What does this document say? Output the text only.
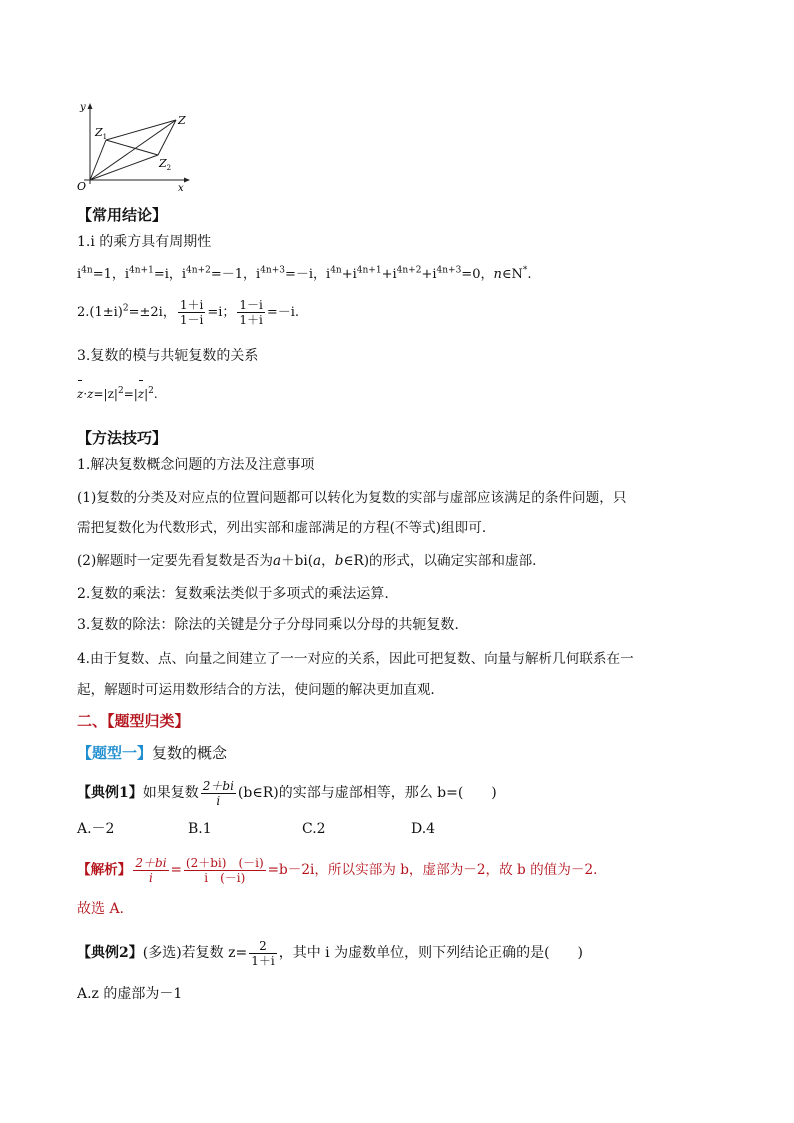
y
O	x
Z
$Z_1$
$Z_2$
【常用结论】
1.i 的乘方具有周期性
$i^{4n}=1$，$i^{4n+1}=i$，$i^{4n+2}=-1$，$i^{4n+3}=-i$，$i^{4n}+i^{4n+1}+i^{4n+2}+i^{4n+3}=0$，n∈N*.
$2.(1\pm i)^2=\pm 2i$， $\frac{1+i}{1-i} =i$； $\frac{1-i}{1+i} =-i$.
3.复数的模与共轭复数的关系
$z\cdot z=|z|^2=|z|^2$.
【方法技巧】
1.解决复数概念问题的方法及注意事项
(1)复数的分类及对应点的位置问题都可以转化为复数的实部与虚部应该满足的条件问题，只
需把复数化为代数形式，列出实部和虚部满足的方程(不等式)组即可.
(2)解题时一定要先看复数是否为a＋bi(a，b∈R)的形式，以确定实部和虚部.
2.复数的乘法：复数乘法类似于多项式的乘法运算.
3.复数的除法：除法的关键是分子分母同乘以分母的共轭复数.
4.由于复数、点、向量之间建立了一一对应的关系，因此可把复数、向量与解析几何联系在一
起，解题时可运用数形结合的方法，使问题的解决更加直观.
二、【题型归类】
【题型一】复数的概念
【典例1】如果复数 $\frac{2+bi}{i}$ (b∈R)的实部与虚部相等，那么 b=(　　)
A.－2	B.1	C.2	D.4
【解析】 $\frac{2+bi}{i} = \frac{(2+bi) (-i)}{i (-i)} =b-2i$，所以实部为 b，虚部为－2，故 b 的值为－2.
故选 A.
【典例2】(多选)若复数 $z= \frac{2}{1+i}$ ，其中 i 为虚数单位，则下列结论正确的是(　　)
A.z 的虚部为－1
